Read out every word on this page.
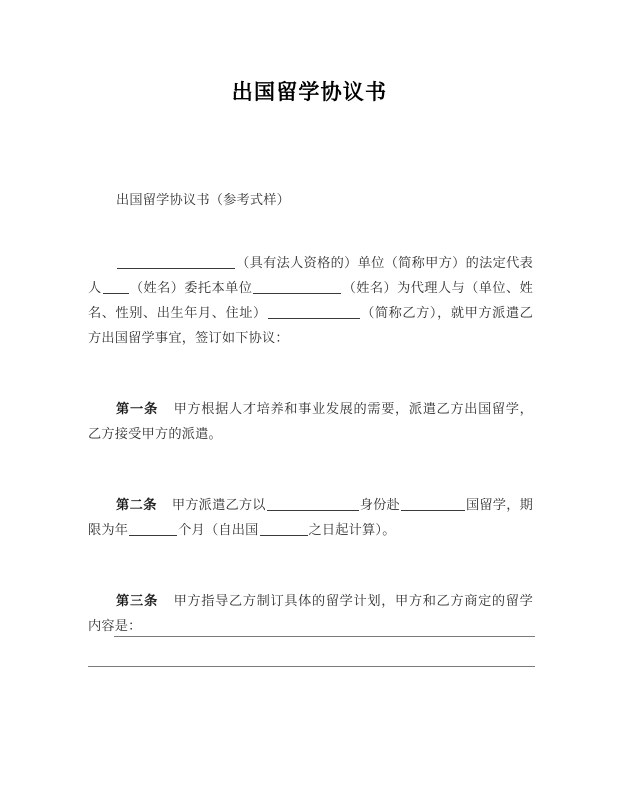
出国留学协议书

出国留学协议书（参考式样）

（具有法人资格的）单位（简称甲方）的法定代表人 （姓名）委托本单位	（姓名）为代理人与（单位、姓名、性别、出生年月、住址）	（简称乙方），就甲方派遣乙方出国留学事宜，签订如下协议：

第一条 甲方根据人才培养和事业发展的需要，派遣乙方出国留学，乙方接受甲方的派遣。

第二条 甲方派遣乙方以	身份赴	国留学，期限为年	个月（自出国	之日起计算）。

第三条 甲方指导乙方制订具体的留学计划，甲方和乙方商定的留学内容是：
